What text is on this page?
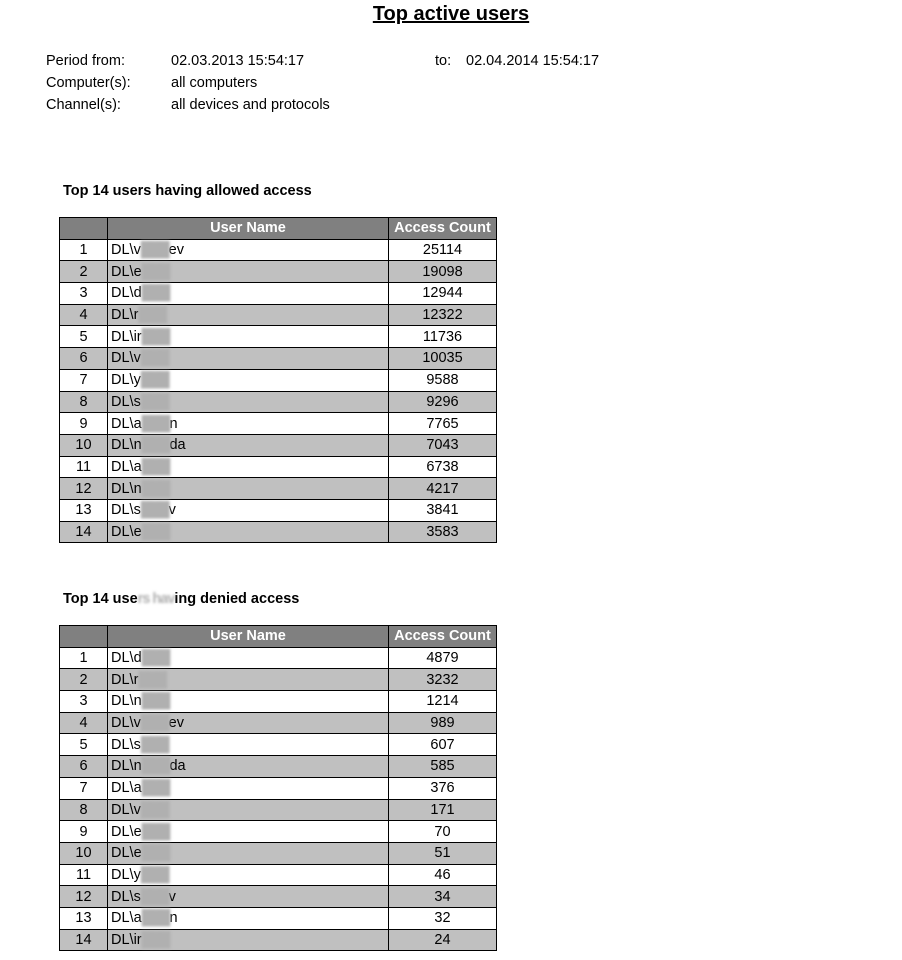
Top active users
Period from:	02.03.2013 15:54:17	to: 02.04.2014 15:54:17
Computer(s):	all computers
Channel(s):	all devices and protocols
Top 14 users having allowed access
	User Name	Access Count
1	DL\v███ev	25114
2	DL\e███	19098
3	DL\d███	12944
4	DL\r███	12322
5	DL\ir███	11736
6	DL\v███	10035
7	DL\y███	9588
8	DL\s███	9296
9	DL\a███n	7765
10	DL\n███da	7043
11	DL\a███	6738
12	DL\n███	4217
13	DL\s███v	3841
14	DL\e███	3583
Top 14 users having denied access
	User Name	Access Count
1	DL\d███	4879
2	DL\r███	3232
3	DL\n███	1214
4	DL\v███ev	989
5	DL\s███	607
6	DL\n███da	585
7	DL\a███	376
8	DL\v███	171
9	DL\e███	70
10	DL\e███	51
11	DL\y███	46
12	DL\s███v	34
13	DL\a███n	32
14	DL\ir███	24
